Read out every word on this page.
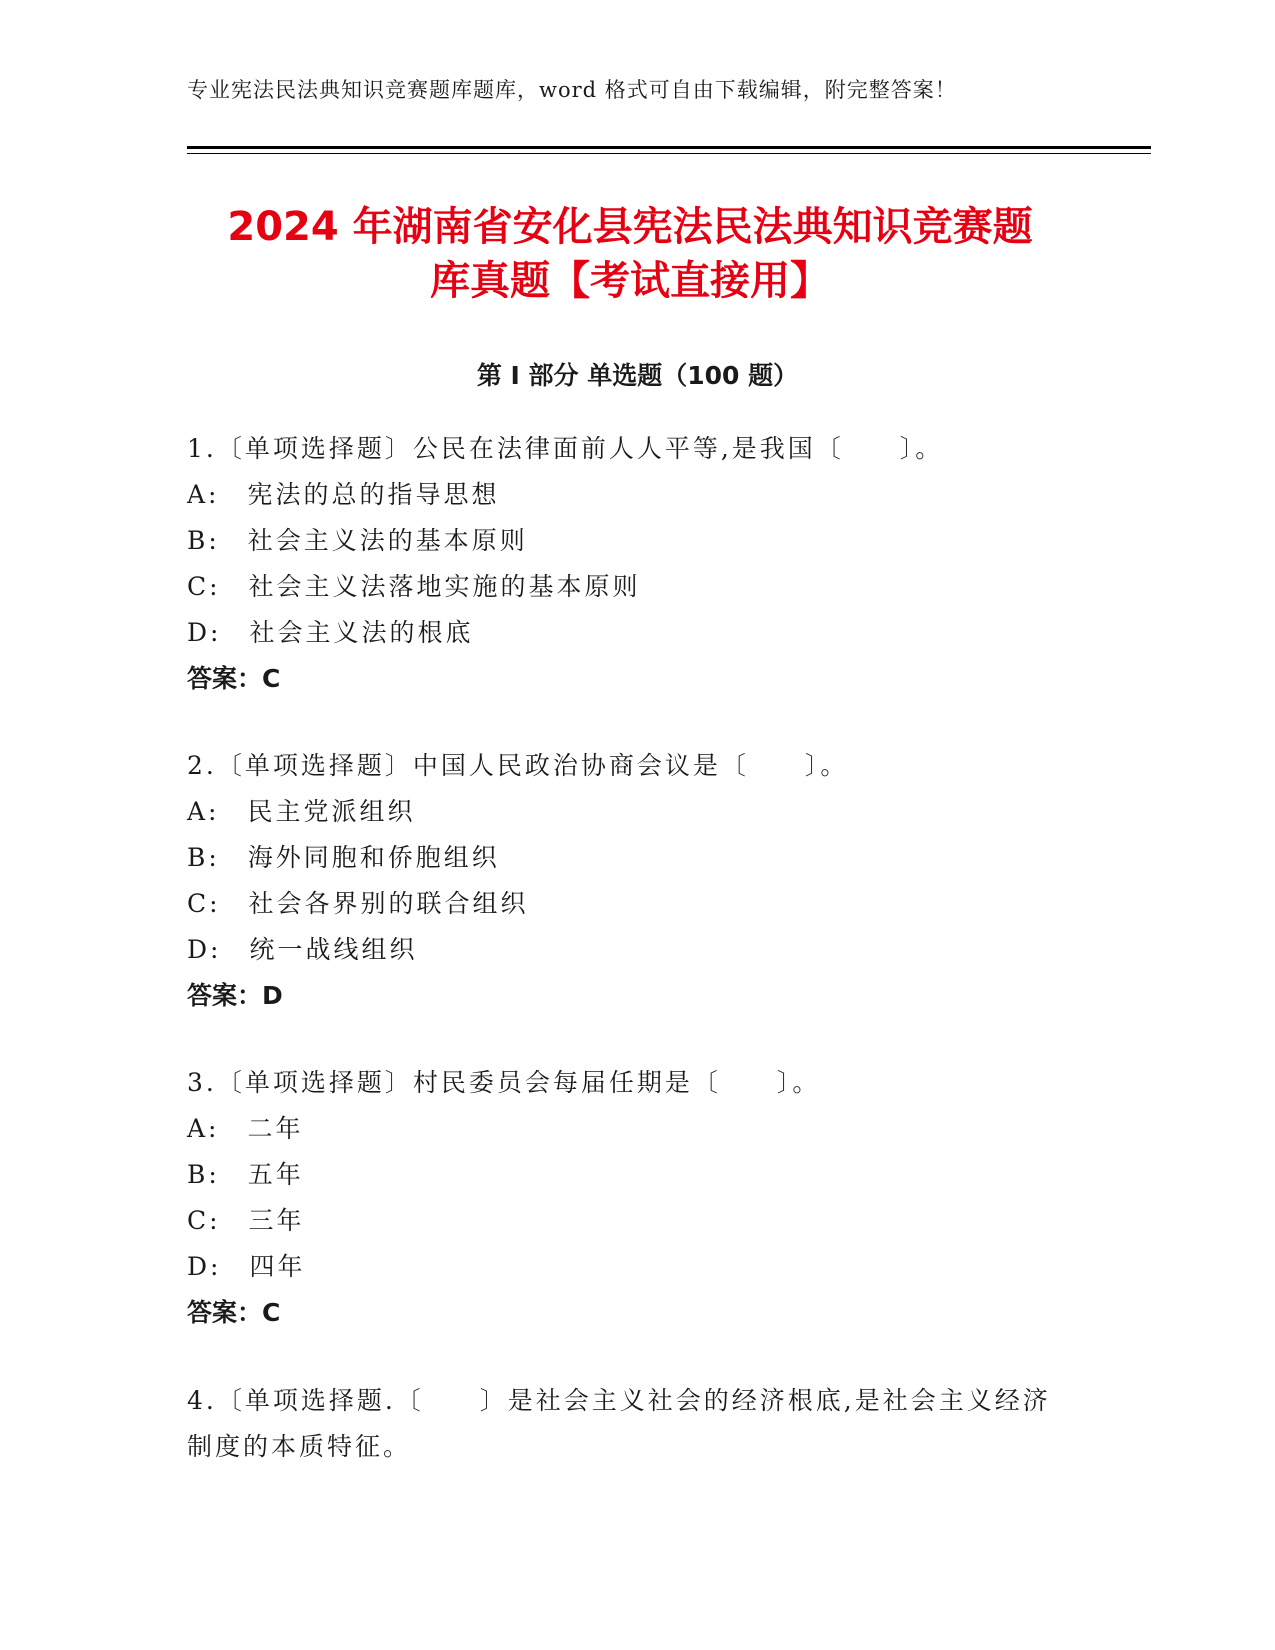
专业宪法民法典知识竞赛题库题库，word 格式可自由下载编辑，附完整答案！
2024 年湖南省安化县宪法民法典知识竞赛题
库真题【考试直接用】
第 I 部分 单选题（100 题）
1.〔单项选择题〕公民在法律面前人人平等,是我国〔　　〕。
A:　宪法的总的指导思想
B:　社会主义法的基本原则
C:　社会主义法落地实施的基本原则
D:　社会主义法的根底
答案：C
2.〔单项选择题〕中国人民政治协商会议是〔　　〕。
A:　民主党派组织
B:　海外同胞和侨胞组织
C:　社会各界别的联合组织
D:　统一战线组织
答案：D
3.〔单项选择题〕村民委员会每届任期是〔　　〕。
A:　二年
B:　五年
C:　三年
D:　四年
答案：C
4.〔单项选择题.〔　　〕是社会主义社会的经济根底,是社会主义经济制度的本质特征。
